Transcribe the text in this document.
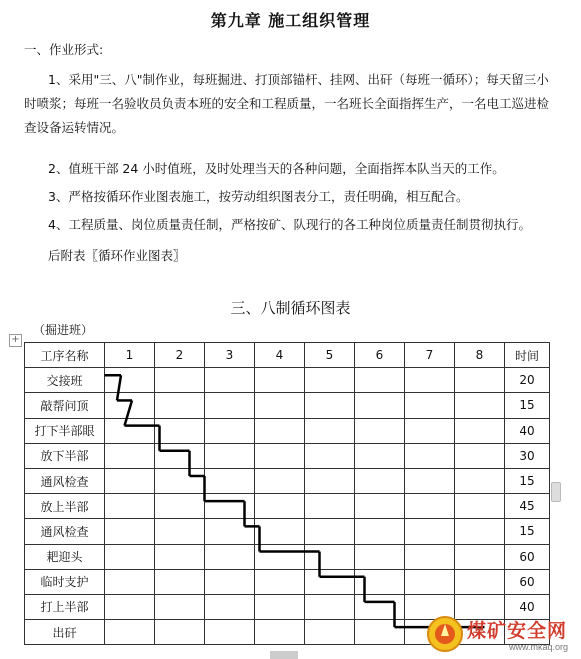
第九章 施工组织管理
一、作业形式:
1、采用"三、八"制作业，每班掘进、打顶部锚杆、挂网、出矸（每班一循环）；每天留三小时喷浆；每班一名验收员负责本班的安全和工程质量，一名班长全面指挥生产，一名电工巡进检查设备运转情况。
2、值班干部 24 小时值班，及时处理当天的各种问题，全面指挥本队当天的工作。
3、严格按循环作业图表施工，按劳动组织图表分工，责任明确，相互配合。
4、工程质量、岗位质量责任制，严格按矿、队现行的各工种岗位质量责任制贯彻执行。
后附表〖循环作业图表〗
三、八制循环图表
（掘进班）
+
工序名称	1	2	3	4	5	6	7	8	时间
交接班									20
敲帮问顶									15
打下半部眼									40
放下半部									30
通风检查									15
放上半部									45
通风检查									15
耙迎头									60
临时支护									60
打上半部									40
出矸										煤矿安全网
www.mkaq.org
